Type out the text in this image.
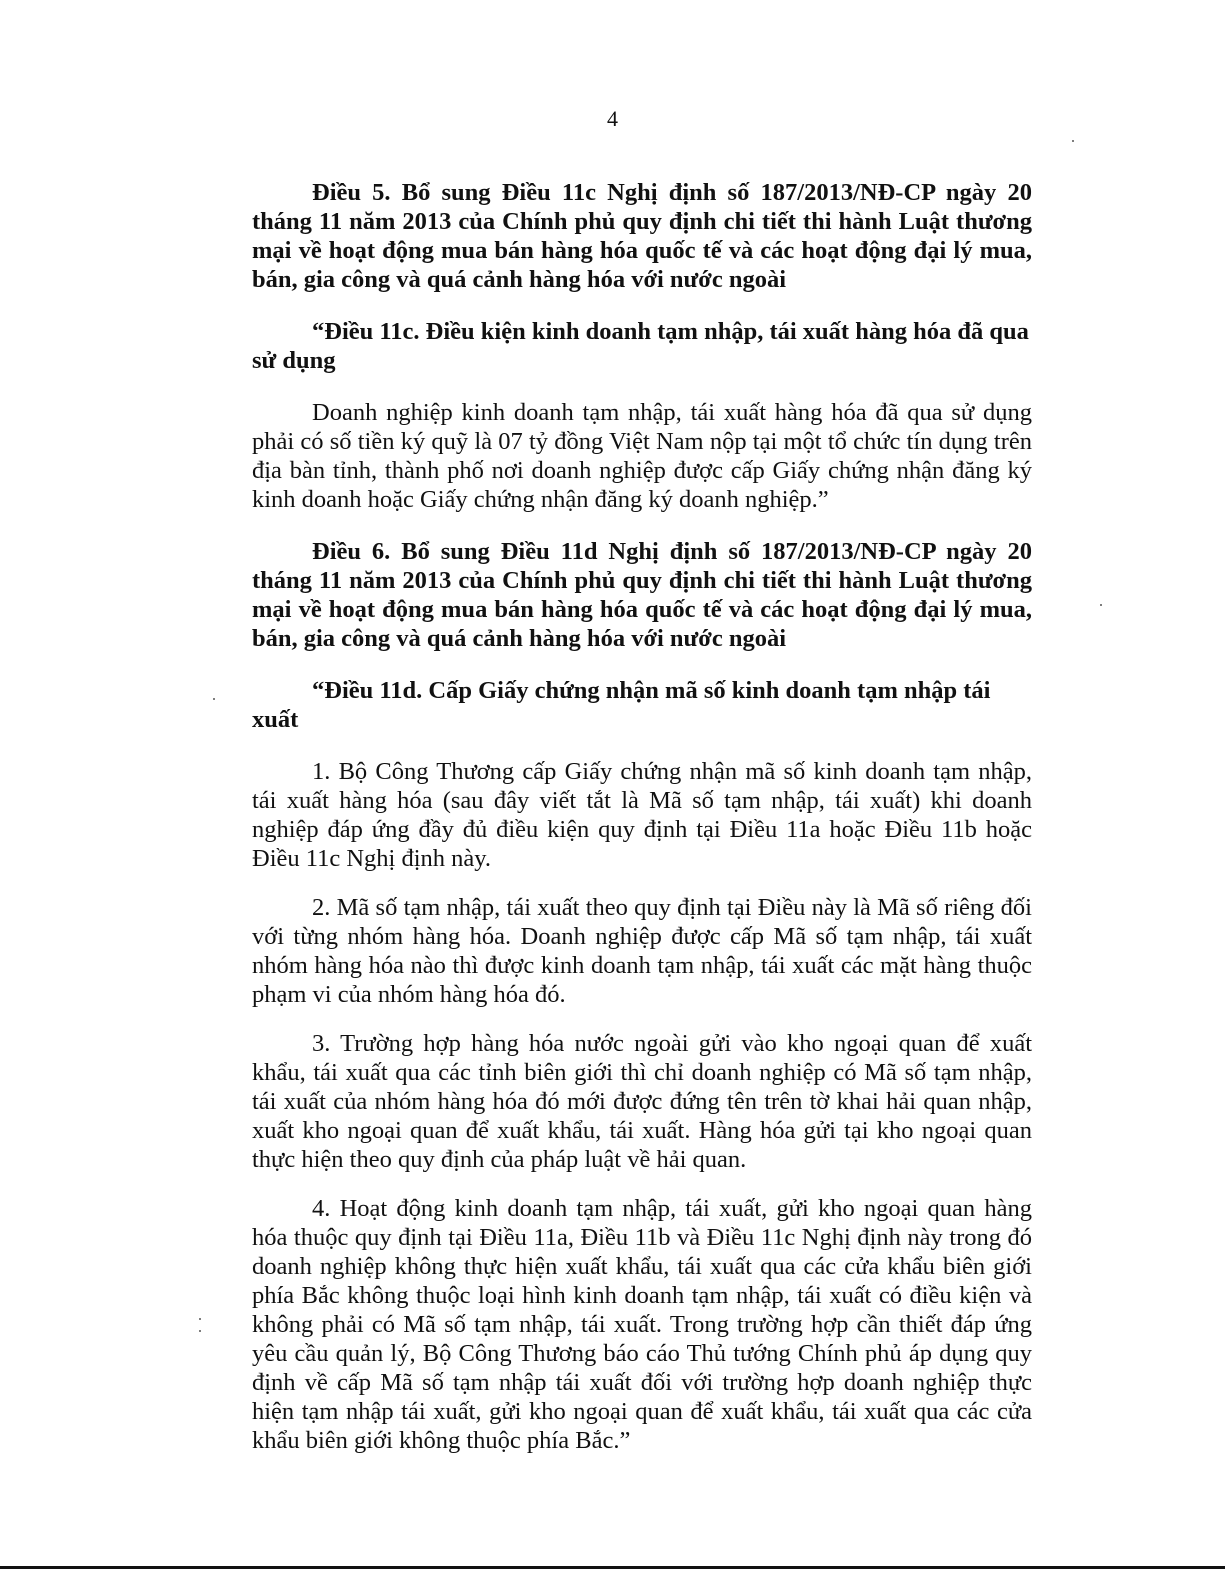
4

Điều 5. Bổ sung Điều 11c Nghị định số 187/2013/NĐ-CP ngày 20 tháng 11 năm 2013 của Chính phủ quy định chi tiết thi hành Luật thương mại về hoạt động mua bán hàng hóa quốc tế và các hoạt động đại lý mua, bán, gia công và quá cảnh hàng hóa với nước ngoài

“Điều 11c. Điều kiện kinh doanh tạm nhập, tái xuất hàng hóa đã qua sử dụng

Doanh nghiệp kinh doanh tạm nhập, tái xuất hàng hóa đã qua sử dụng phải có số tiền ký quỹ là 07 tỷ đồng Việt Nam nộp tại một tổ chức tín dụng trên địa bàn tỉnh, thành phố nơi doanh nghiệp được cấp Giấy chứng nhận đăng ký kinh doanh hoặc Giấy chứng nhận đăng ký doanh nghiệp.”

Điều 6. Bổ sung Điều 11d Nghị định số 187/2013/NĐ-CP ngày 20 tháng 11 năm 2013 của Chính phủ quy định chi tiết thi hành Luật thương mại về hoạt động mua bán hàng hóa quốc tế và các hoạt động đại lý mua, bán, gia công và quá cảnh hàng hóa với nước ngoài

“Điều 11d. Cấp Giấy chứng nhận mã số kinh doanh tạm nhập tái xuất

1. Bộ Công Thương cấp Giấy chứng nhận mã số kinh doanh tạm nhập, tái xuất hàng hóa (sau đây viết tắt là Mã số tạm nhập, tái xuất) khi doanh nghiệp đáp ứng đầy đủ điều kiện quy định tại Điều 11a hoặc Điều 11b hoặc Điều 11c Nghị định này.

2. Mã số tạm nhập, tái xuất theo quy định tại Điều này là Mã số riêng đối với từng nhóm hàng hóa. Doanh nghiệp được cấp Mã số tạm nhập, tái xuất nhóm hàng hóa nào thì được kinh doanh tạm nhập, tái xuất các mặt hàng thuộc phạm vi của nhóm hàng hóa đó.

3. Trường hợp hàng hóa nước ngoài gửi vào kho ngoại quan để xuất khẩu, tái xuất qua các tỉnh biên giới thì chỉ doanh nghiệp có Mã số tạm nhập, tái xuất của nhóm hàng hóa đó mới được đứng tên trên tờ khai hải quan nhập, xuất kho ngoại quan để xuất khẩu, tái xuất. Hàng hóa gửi tại kho ngoại quan thực hiện theo quy định của pháp luật về hải quan.

4. Hoạt động kinh doanh tạm nhập, tái xuất, gửi kho ngoại quan hàng hóa thuộc quy định tại Điều 11a, Điều 11b và Điều 11c Nghị định này trong đó doanh nghiệp không thực hiện xuất khẩu, tái xuất qua các cửa khẩu biên giới phía Bắc không thuộc loại hình kinh doanh tạm nhập, tái xuất có điều kiện và không phải có Mã số tạm nhập, tái xuất. Trong trường hợp cần thiết đáp ứng yêu cầu quản lý, Bộ Công Thương báo cáo Thủ tướng Chính phủ áp dụng quy định về cấp Mã số tạm nhập tái xuất đối với trường hợp doanh nghiệp thực hiện tạm nhập tái xuất, gửi kho ngoại quan để xuất khẩu, tái xuất qua các cửa khẩu biên giới không thuộc phía Bắc.”
